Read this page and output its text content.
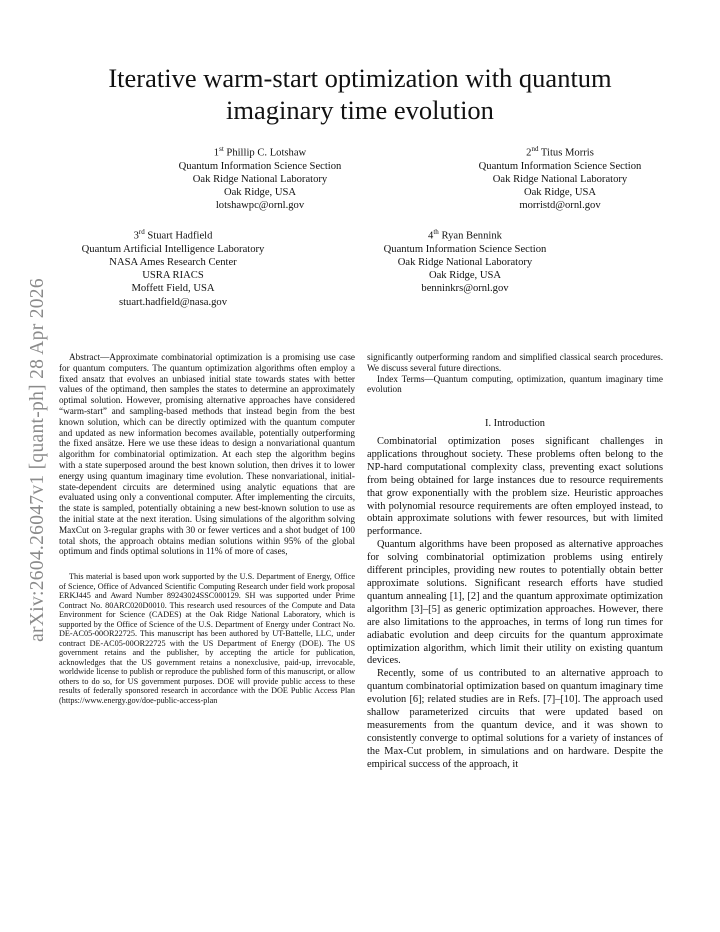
arXiv:2604.26047v1 [quant-ph] 28 Apr 2026
Iterative warm-start optimization with quantum imaginary time evolution
1st Phillip C. Lotshaw
Quantum Information Science Section
Oak Ridge National Laboratory
Oak Ridge, USA
lotshawpc@ornl.gov
2nd Titus Morris
Quantum Information Science Section
Oak Ridge National Laboratory
Oak Ridge, USA
morristd@ornl.gov
3rd Stuart Hadfield
Quantum Artificial Intelligence Laboratory
NASA Ames Research Center
USRA RIACS
Moffett Field, USA
stuart.hadfield@nasa.gov
4th Ryan Bennink
Quantum Information Science Section
Oak Ridge National Laboratory
Oak Ridge, USA
benninkrs@ornl.gov

Abstract—Approximate combinatorial optimization is a promising use case for quantum computers. The quantum optimization algorithms often employ a fixed ansatz that evolves an unbiased initial state towards states with better values of the optimand, then samples the states to determine an approximately optimal solution. However, promising alternative approaches have considered “warm-start” and sampling-based methods that instead begin from the best known solution, which can be directly optimized with the quantum computer and updated as new information becomes available, potentially outperforming the fixed ansätze. Here we use these ideas to design a nonvariational quantum algorithm for combinatorial optimization. At each step the algorithm begins with a state superposed around the best known solution, then drives it to lower energy using quantum imaginary time evolution. These nonvariational, initial-state-dependent circuits are determined using analytic equations that are evaluated using only a conventional computer. After implementing the circuits, the state is sampled, potentially obtaining a new best-known solution to use as the initial state at the next iteration. Using simulations of the algorithm solving MaxCut on 3-regular graphs with 30 or fewer vertices and a shot budget of 100 total shots, the approach obtains median solutions within 95% of the global optimum and finds optimal solutions in 11% of more of cases,

This material is based upon work supported by the U.S. Department of Energy, Office of Science, Office of Advanced Scientific Computing Research under field work proposal ERKJ445 and Award Number 89243024SSC000129. SH was supported under Prime Contract No. 80ARC020D0010. This research used resources of the Compute and Data Environment for Science (CADES) at the Oak Ridge National Laboratory, which is supported by the Office of Science of the U.S. Department of Energy under Contract No. DE-AC05-00OR22725. This manuscript has been authored by UT-Battelle, LLC, under contract DE-AC05-00OR22725 with the US Department of Energy (DOE). The US government retains and the publisher, by accepting the article for publication, acknowledges that the US government retains a nonexclusive, paid-up, irrevocable, worldwide license to publish or reproduce the published form of this manuscript, or allow others to do so, for US government purposes. DOE will provide public access to these results of federally sponsored research in accordance with the DOE Public Access Plan (https://www.energy.gov/doe-public-access-plan

significantly outperforming random and simplified classical search procedures. We discuss several future directions.

Index Terms—Quantum computing, optimization, quantum imaginary time evolution

I. Introduction

Combinatorial optimization poses significant challenges in applications throughout society. These problems often belong to the NP-hard computational complexity class, preventing exact solutions from being obtained for large instances due to resource requirements that grow exponentially with the problem size. Heuristic approaches with polynomial resource requirements are often employed instead, to obtain approximate solutions with fewer resources, but with limited performance.

Quantum algorithms have been proposed as alternative approaches for solving combinatorial optimization problems using entirely different principles, providing new routes to potentially obtain better approximate solutions. Significant research efforts have studied quantum annealing [1], [2] and the quantum approximate optimization algorithm [3]–[5] as generic optimization approaches. However, there are also limitations to the approaches, in terms of long run times for adiabatic evolution and deep circuits for the quantum approximate optimization algorithm, which limit their utility on existing quantum devices.

Recently, some of us contributed to an alternative approach to quantum combinatorial optimization based on quantum imaginary time evolution [6]; related studies are in Refs. [7]–[10]. The approach used shallow parameterized circuits that were updated based on measurements from the quantum device, and it was shown to consistently converge to optimal solutions for a variety of instances of the Max-Cut problem, in simulations and on hardware. Despite the empirical success of the approach, it
